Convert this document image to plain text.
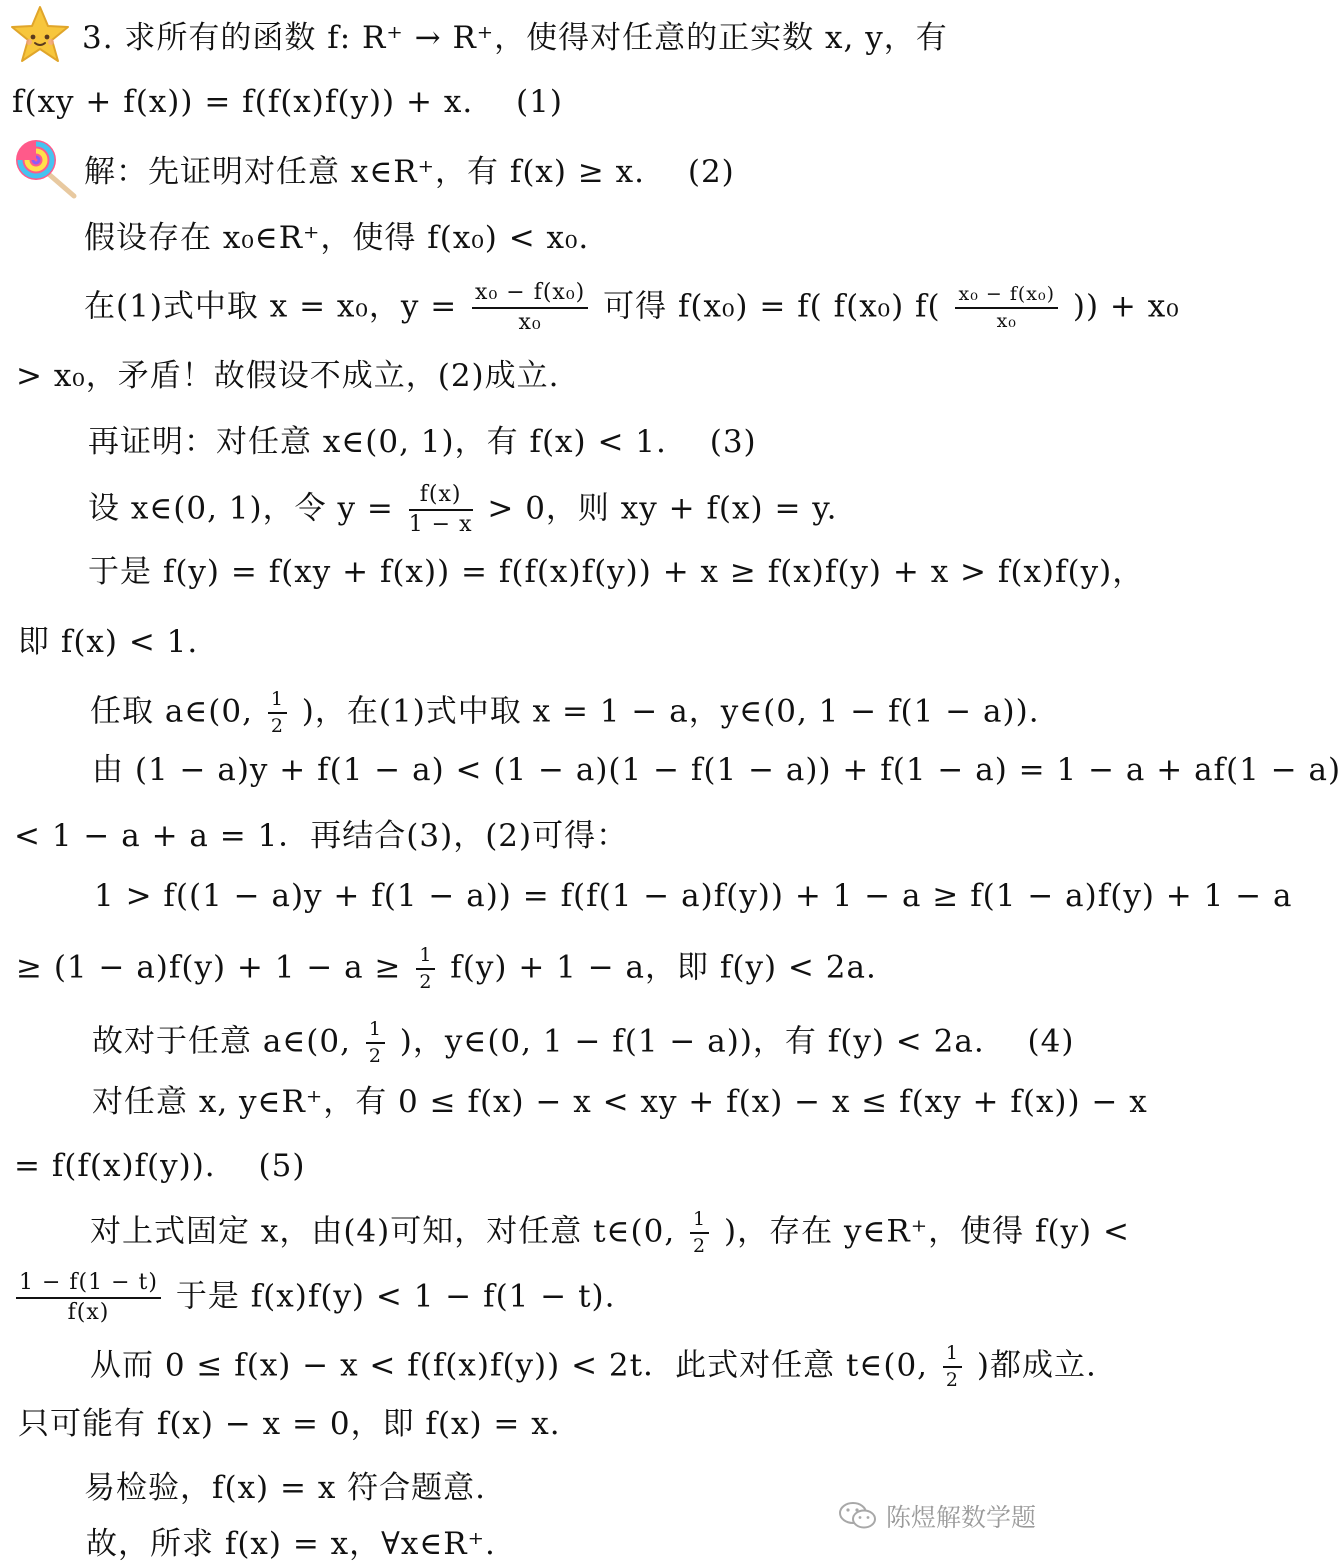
3. 求所有的函数 f: R⁺ → R⁺，使得对任意的正实数 x, y，有
f(xy + f(x)) = f(f(x)f(y)) + x.　 (1)
解：先证明对任意 x∈R⁺，有 f(x) ≥ x.　 (2)
假设存在 x₀∈R⁺，使得 f(x₀) < x₀.
在(1)式中取 x = x₀，$y = \frac{\text{x₀ − f(x₀)}}{\text{x₀}}$ 可得 f(x₀) = f( f(x₀) $f( \frac{\text{x₀ − f(x₀)}}{\text{x₀}}$ )) + x₀
> x₀，矛盾！故假设不成立，(2)成立.
再证明：对任意 x∈(0, 1)，有 f(x) < 1.　 (3)
设 x∈(0, 1)，令 $y = \frac{f(x)}{1 - x} > 0$，则 xy + f(x) = y.
于是 f(y) = f(xy + f(x)) = f(f(x)f(y)) + x ≥ f(x)f(y) + x > f(x)f(y)，
即 f(x) < 1.
任取 a∈(0, $\frac{1}{2}$ )，在(1)式中取 x = 1 − a，y∈(0, 1 − f(1 − a)).
由 (1 − a)y + f(1 − a) < (1 − a)(1 − f(1 − a)) + f(1 − a) = 1 − a + af(1 − a)
< 1 − a + a = 1．再结合(3)，(2)可得：
1 > f((1 − a)y + f(1 − a)) = f(f(1 − a)f(y)) + 1 − a ≥ f(1 − a)f(y) + 1 − a
≥ $(1 - a)f(y) + 1 - a \ge \frac{1}{2} f(y) + 1 - a$，即 f(y) < 2a.
故对于任意 a∈(0, $\frac{1}{2}$ )，y∈(0, 1 − f(1 − a))，有 f(y) < 2a.　 (4)
对任意 x, y∈R⁺，有 0 ≤ f(x) − x < xy + f(x) − x ≤ f(xy + f(x)) − x
= f(f(x)f(y)).　 (5)
对上式固定 x，由(4)可知，对任意 t∈(0, $\frac{1}{2}$ )，存在 y∈R⁺，使得 f(y) <
$\frac{1 - f(1 - t)}{f(x)}$ 于是 f(x)f(y) < 1 − f(1 − t).
从而 0 ≤ f(x) − x < f(f(x)f(y)) < 2t．此式对任意 t∈(0, $\frac{1}{2}$ )都成立.
只可能有 f(x) − x = 0，即 f(x) = x.
易检验，f(x) = x 符合题意.
故，所求 f(x) = x，∀x∈R⁺.
陈煜解数学题
